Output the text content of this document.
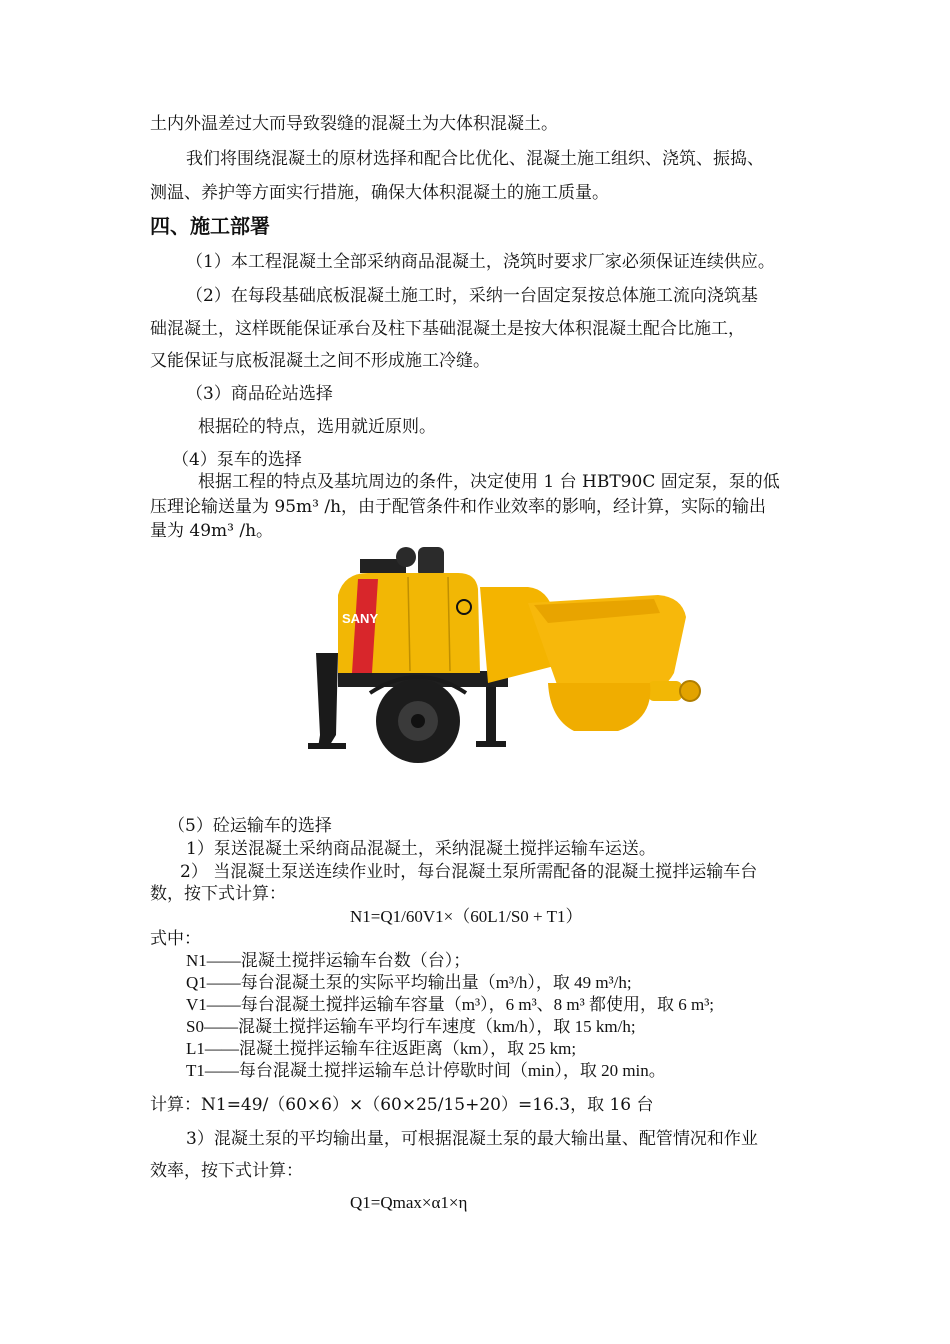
土内外温差过大而导致裂缝的混凝土为大体积混凝土。
我们将围绕混凝土的原材选择和配合比优化、混凝土施工组织、浇筑、振捣、
测温、养护等方面实行措施，确保大体积混凝土的施工质量。
四、施工部署
（1）本工程混凝土全部采纳商品混凝土，浇筑时要求厂家必须保证连续供应。
（2）在每段基础底板混凝土施工时，采纳一台固定泵按总体施工流向浇筑基
础混凝土，这样既能保证承台及柱下基础混凝土是按大体积混凝土配合比施工，
又能保证与底板混凝土之间不形成施工冷缝。
（3）商品砼站选择
根据砼的特点，选用就近原则。
（4）泵车的选择
根据工程的特点及基坑周边的条件，决定使用 1 台 HBT90C 固定泵，泵的低
压理论输送量为 95m³ /h，由于配管条件和作业效率的影响，经计算，实际的输出
量为 49m³ /h。
SANY
（5）砼运输车的选择
1）泵送混凝土采纳商品混凝土，采纳混凝土搅拌运输车运送。
2） 当混凝土泵送连续作业时，每台混凝土泵所需配备的混凝土搅拌运输车台
数，按下式计算：
N1=Q1/60V1×（60L1/S0 + T1）
式中：
N1——混凝土搅拌运输车台数（台）；
Q1——每台混凝土泵的实际平均输出量（m³/h），取 49 m³/h;
V1——每台混凝土搅拌运输车容量（m³），6 m³、8 m³ 都使用，取 6 m³;
S0——混凝土搅拌运输车平均行车速度（km/h），取 15 km/h;
L1——混凝土搅拌运输车往返距离（km），取 25 km;
T1——每台混凝土搅拌运输车总计停歇时间（min），取 20 min。
计算：N1=49/（60×6）×（60×25/15+20）=16.3，取 16 台
3）混凝土泵的平均输出量，可根据混凝土泵的最大输出量、配管情况和作业
效率，按下式计算：
Q1=Qmax×α1×η
